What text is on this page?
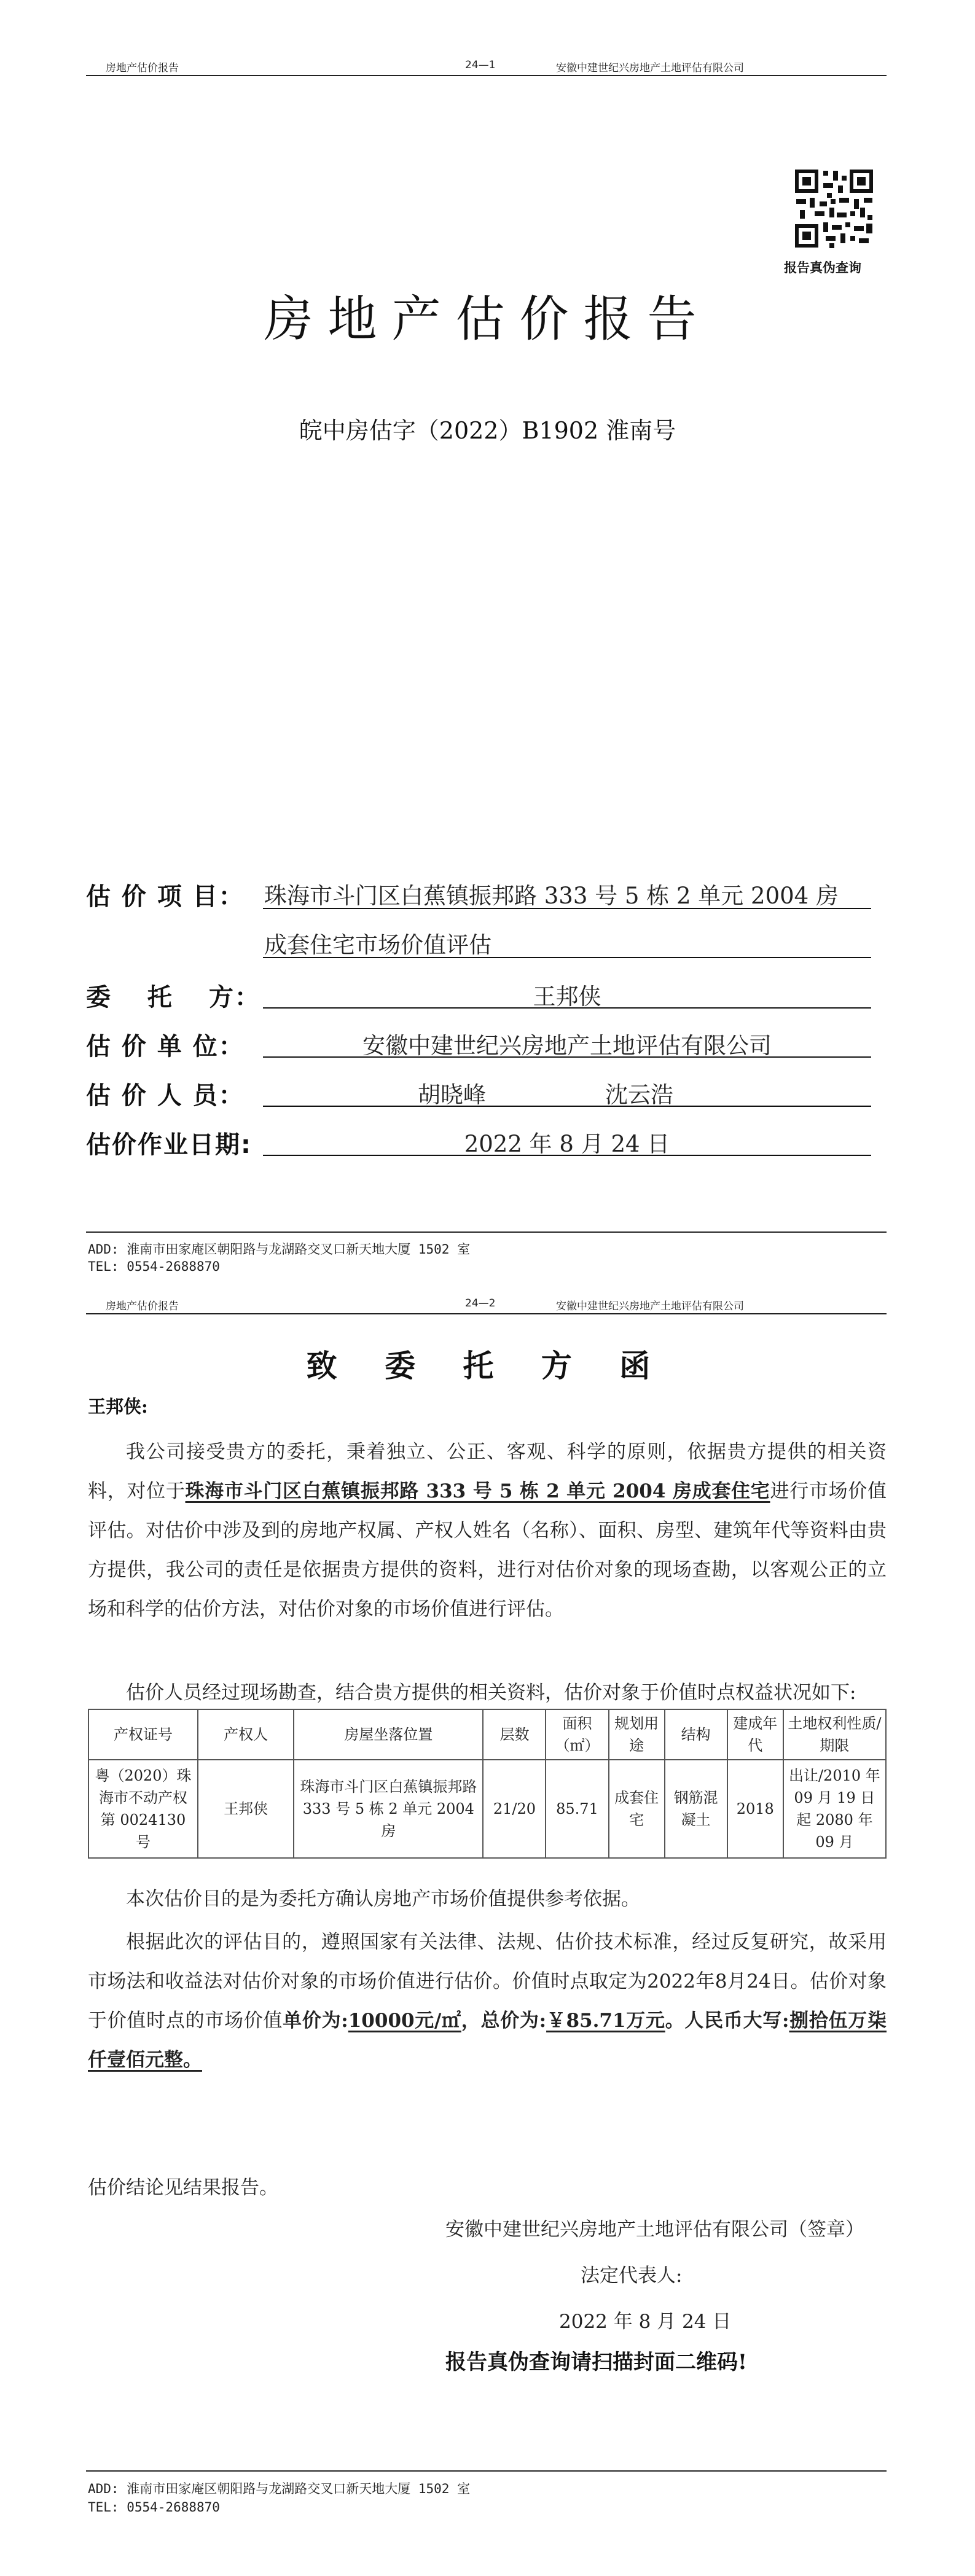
房地产估价报告	24—1	安徽中建世纪兴房地产土地评估有限公司
报告真伪查询
房地产估价报告
皖中房估字（2022）B1902 淮南号
估 价 项 目： 珠海市斗门区白蕉镇振邦路 333 号 5 栋 2 单元 2004 房
成套住宅市场价值评估
委　 托　 方：	王邦侠
估 价 单 位：	安徽中建世纪兴房地产土地评估有限公司
估 价 人 员：	胡晓峰	沈云浩
估价作业日期:	2022 年 8 月 24 日
ADD: 淮南市田家庵区朝阳路与龙湖路交叉口新天地大厦 1502 室
TEL: 0554-2688870
房地产估价报告	24—2	安徽中建世纪兴房地产土地评估有限公司
致 委 托 方 函
王邦侠:
我公司接受贵方的委托，秉着独立、公正、客观、科学的原则，依据贵方提供的相关资料，对位于珠海市斗门区白蕉镇振邦路 333 号 5 栋 2 单元 2004 房成套住宅进行市场价值评估。对估价中涉及到的房地产权属、产权人姓名（名称）、面积、房型、建筑年代等资料由贵方提供，我公司的责任是依据贵方提供的资料，进行对估价对象的现场查勘，以客观公正的立场和科学的估价方法，对估价对象的市场价值进行评估。
估价人员经过现场勘查，结合贵方提供的相关资料，估价对象于价值时点权益状况如下:
产权证号	产权人	房屋坐落位置	层数	面积（㎡）	规划用途	结构	建成年代	土地权利性质/期限
粤（2020）珠海市不动产权第 0024130 号	王邦侠	珠海市斗门区白蕉镇振邦路 333 号 5 栋 2 单元 2004 房	21/20	85.71	成套住宅	钢筋混凝土	2018	出让/2010 年 09 月 19 日起 2080 年 09 月
本次估价目的是为委托方确认房地产市场价值提供参考依据。
根据此次的评估目的，遵照国家有关法律、法规、估价技术标准，经过反复研究，故采用市场法和收益法对估价对象的市场价值进行估价。价值时点取定为2022年8月24日。估价对象于价值时点的市场价值单价为:10000元/㎡，总价为:￥85.71万元。人民币大写:捌拾伍万柒仟壹佰元整。
估价结论见结果报告。
安徽中建世纪兴房地产土地评估有限公司（签章）
法定代表人:
2022 年 8 月 24 日
报告真伪查询请扫描封面二维码!
ADD: 淮南市田家庵区朝阳路与龙湖路交叉口新天地大厦 1502 室
TEL: 0554-2688870
